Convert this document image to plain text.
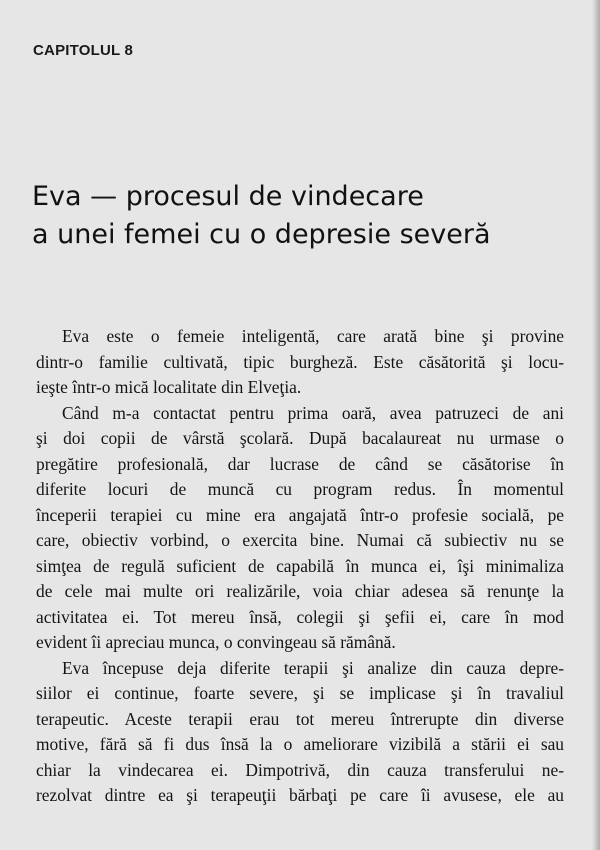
CAPITOLUL 8
Eva — procesul de vindecare
a unei femei cu o depresie severă
Eva este o femeie inteligentă, care arată bine şi provine
dintr-o familie cultivată, tipic burgheză. Este căsătorită şi locu-
ieşte într-o mică localitate din Elveţia.
Când m-a contactat pentru prima oară, avea patruzeci de ani
şi doi copii de vârstă şcolară. După bacalaureat nu urmase o
pregătire profesională, dar lucrase de când se căsătorise în
diferite locuri de muncă cu program redus. În momentul
începerii terapiei cu mine era angajată într-o profesie socială, pe
care, obiectiv vorbind, o exercita bine. Numai că subiectiv nu se
simţea de regulă suficient de capabilă în munca ei, îşi minimaliza
de cele mai multe ori realizările, voia chiar adesea să renunţe la
activitatea ei. Tot mereu însă, colegii şi şefii ei, care în mod
evident îi apreciau munca, o convingeau să rămână.
Eva începuse deja diferite terapii şi analize din cauza depre-
siilor ei continue, foarte severe, şi se implicase şi în travaliul
terapeutic. Aceste terapii erau tot mereu întrerupte din diverse
motive, fără să fi dus însă la o ameliorare vizibilă a stării ei sau
chiar la vindecarea ei. Dimpotrivă, din cauza transferului ne-
rezolvat dintre ea şi terapeuţii bărbaţi pe care îi avusese, ele au
